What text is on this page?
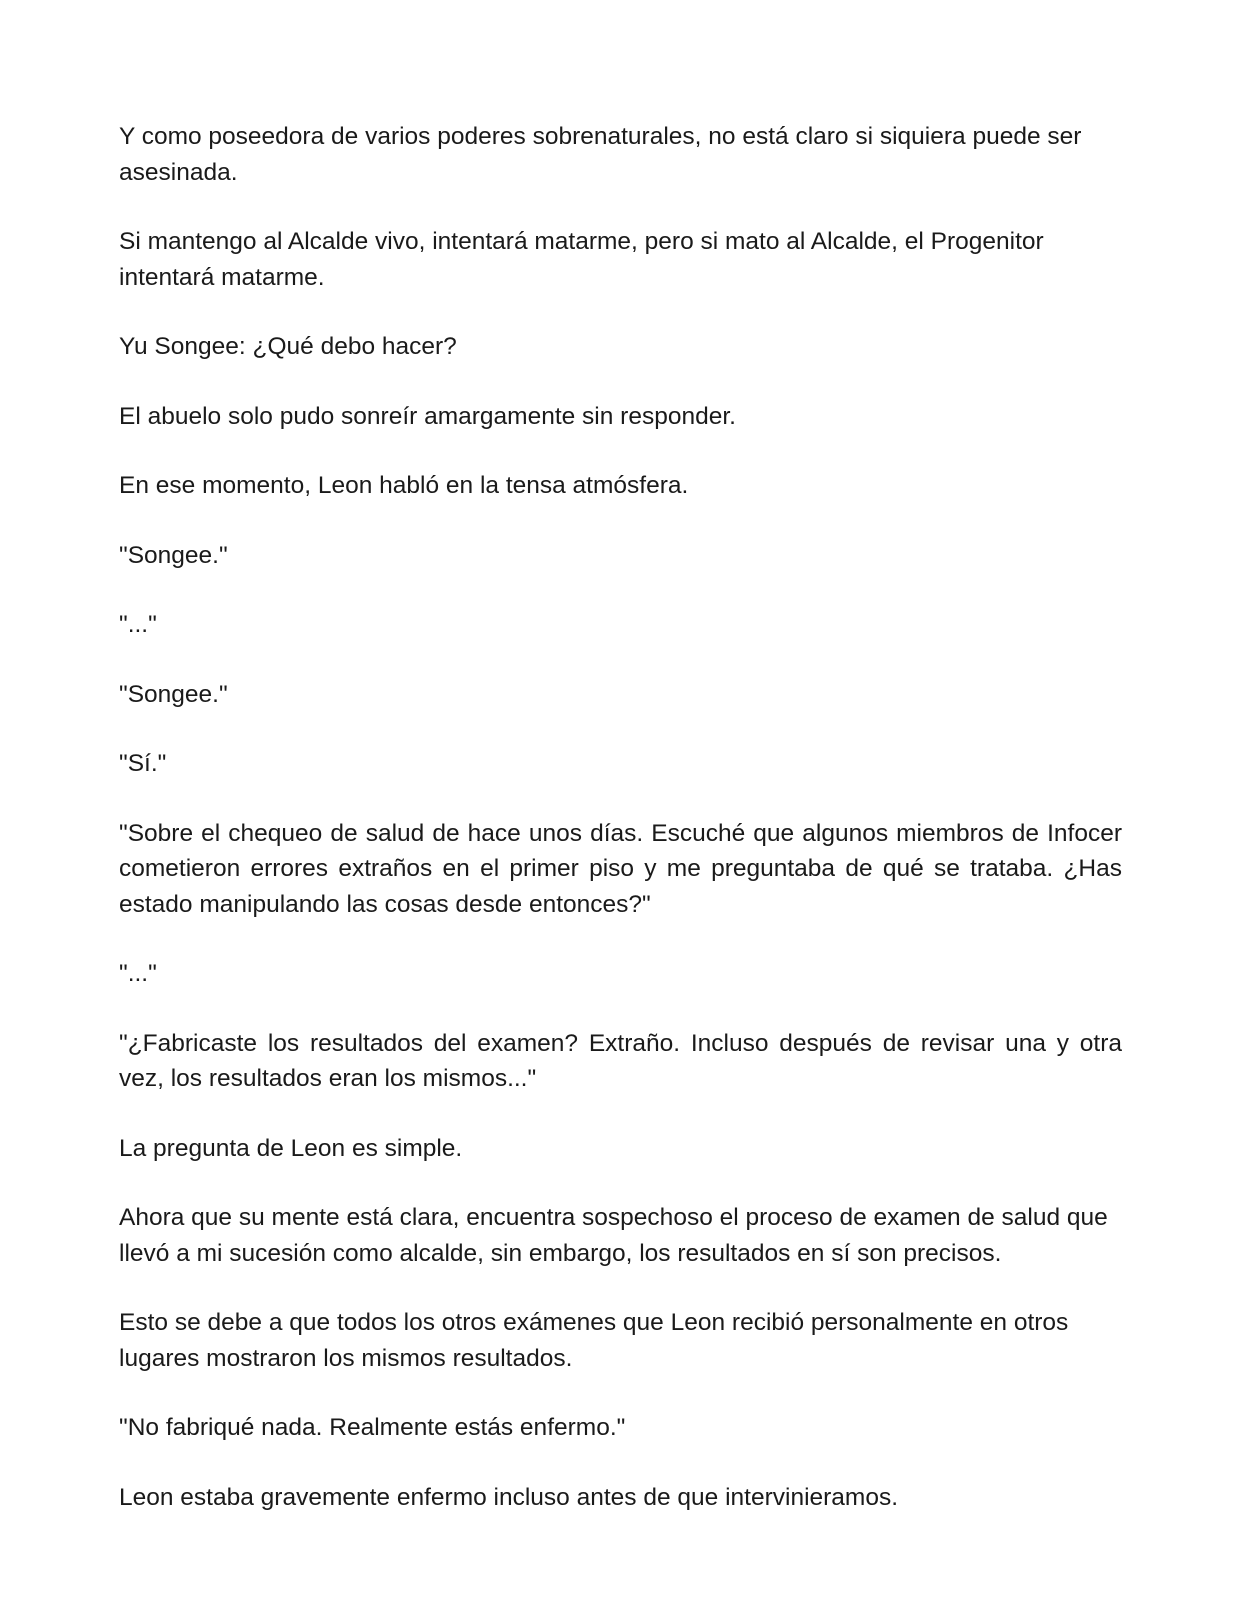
Y como poseedora de varios poderes sobrenaturales, no está claro si siquiera puede ser asesinada.

Si mantengo al Alcalde vivo, intentará matarme, pero si mato al Alcalde, el Progenitor intentará matarme.

Yu Songee: ¿Qué debo hacer?

El abuelo solo pudo sonreír amargamente sin responder.

En ese momento, Leon habló en la tensa atmósfera.

"Songee."

"..."

"Songee."

"Sí."

"Sobre el chequeo de salud de hace unos días. Escuché que algunos miembros de Infocer cometieron errores extraños en el primer piso y me preguntaba de qué se trataba. ¿Has estado manipulando las cosas desde entonces?"

"..."

"¿Fabricaste los resultados del examen? Extraño. Incluso después de revisar una y otra vez, los resultados eran los mismos..."

La pregunta de Leon es simple.

Ahora que su mente está clara, encuentra sospechoso el proceso de examen de salud que llevó a mi sucesión como alcalde, sin embargo, los resultados en sí son precisos.

Esto se debe a que todos los otros exámenes que Leon recibió personalmente en otros lugares mostraron los mismos resultados.

"No fabriqué nada. Realmente estás enfermo."

Leon estaba gravemente enfermo incluso antes de que intervinieramos.
